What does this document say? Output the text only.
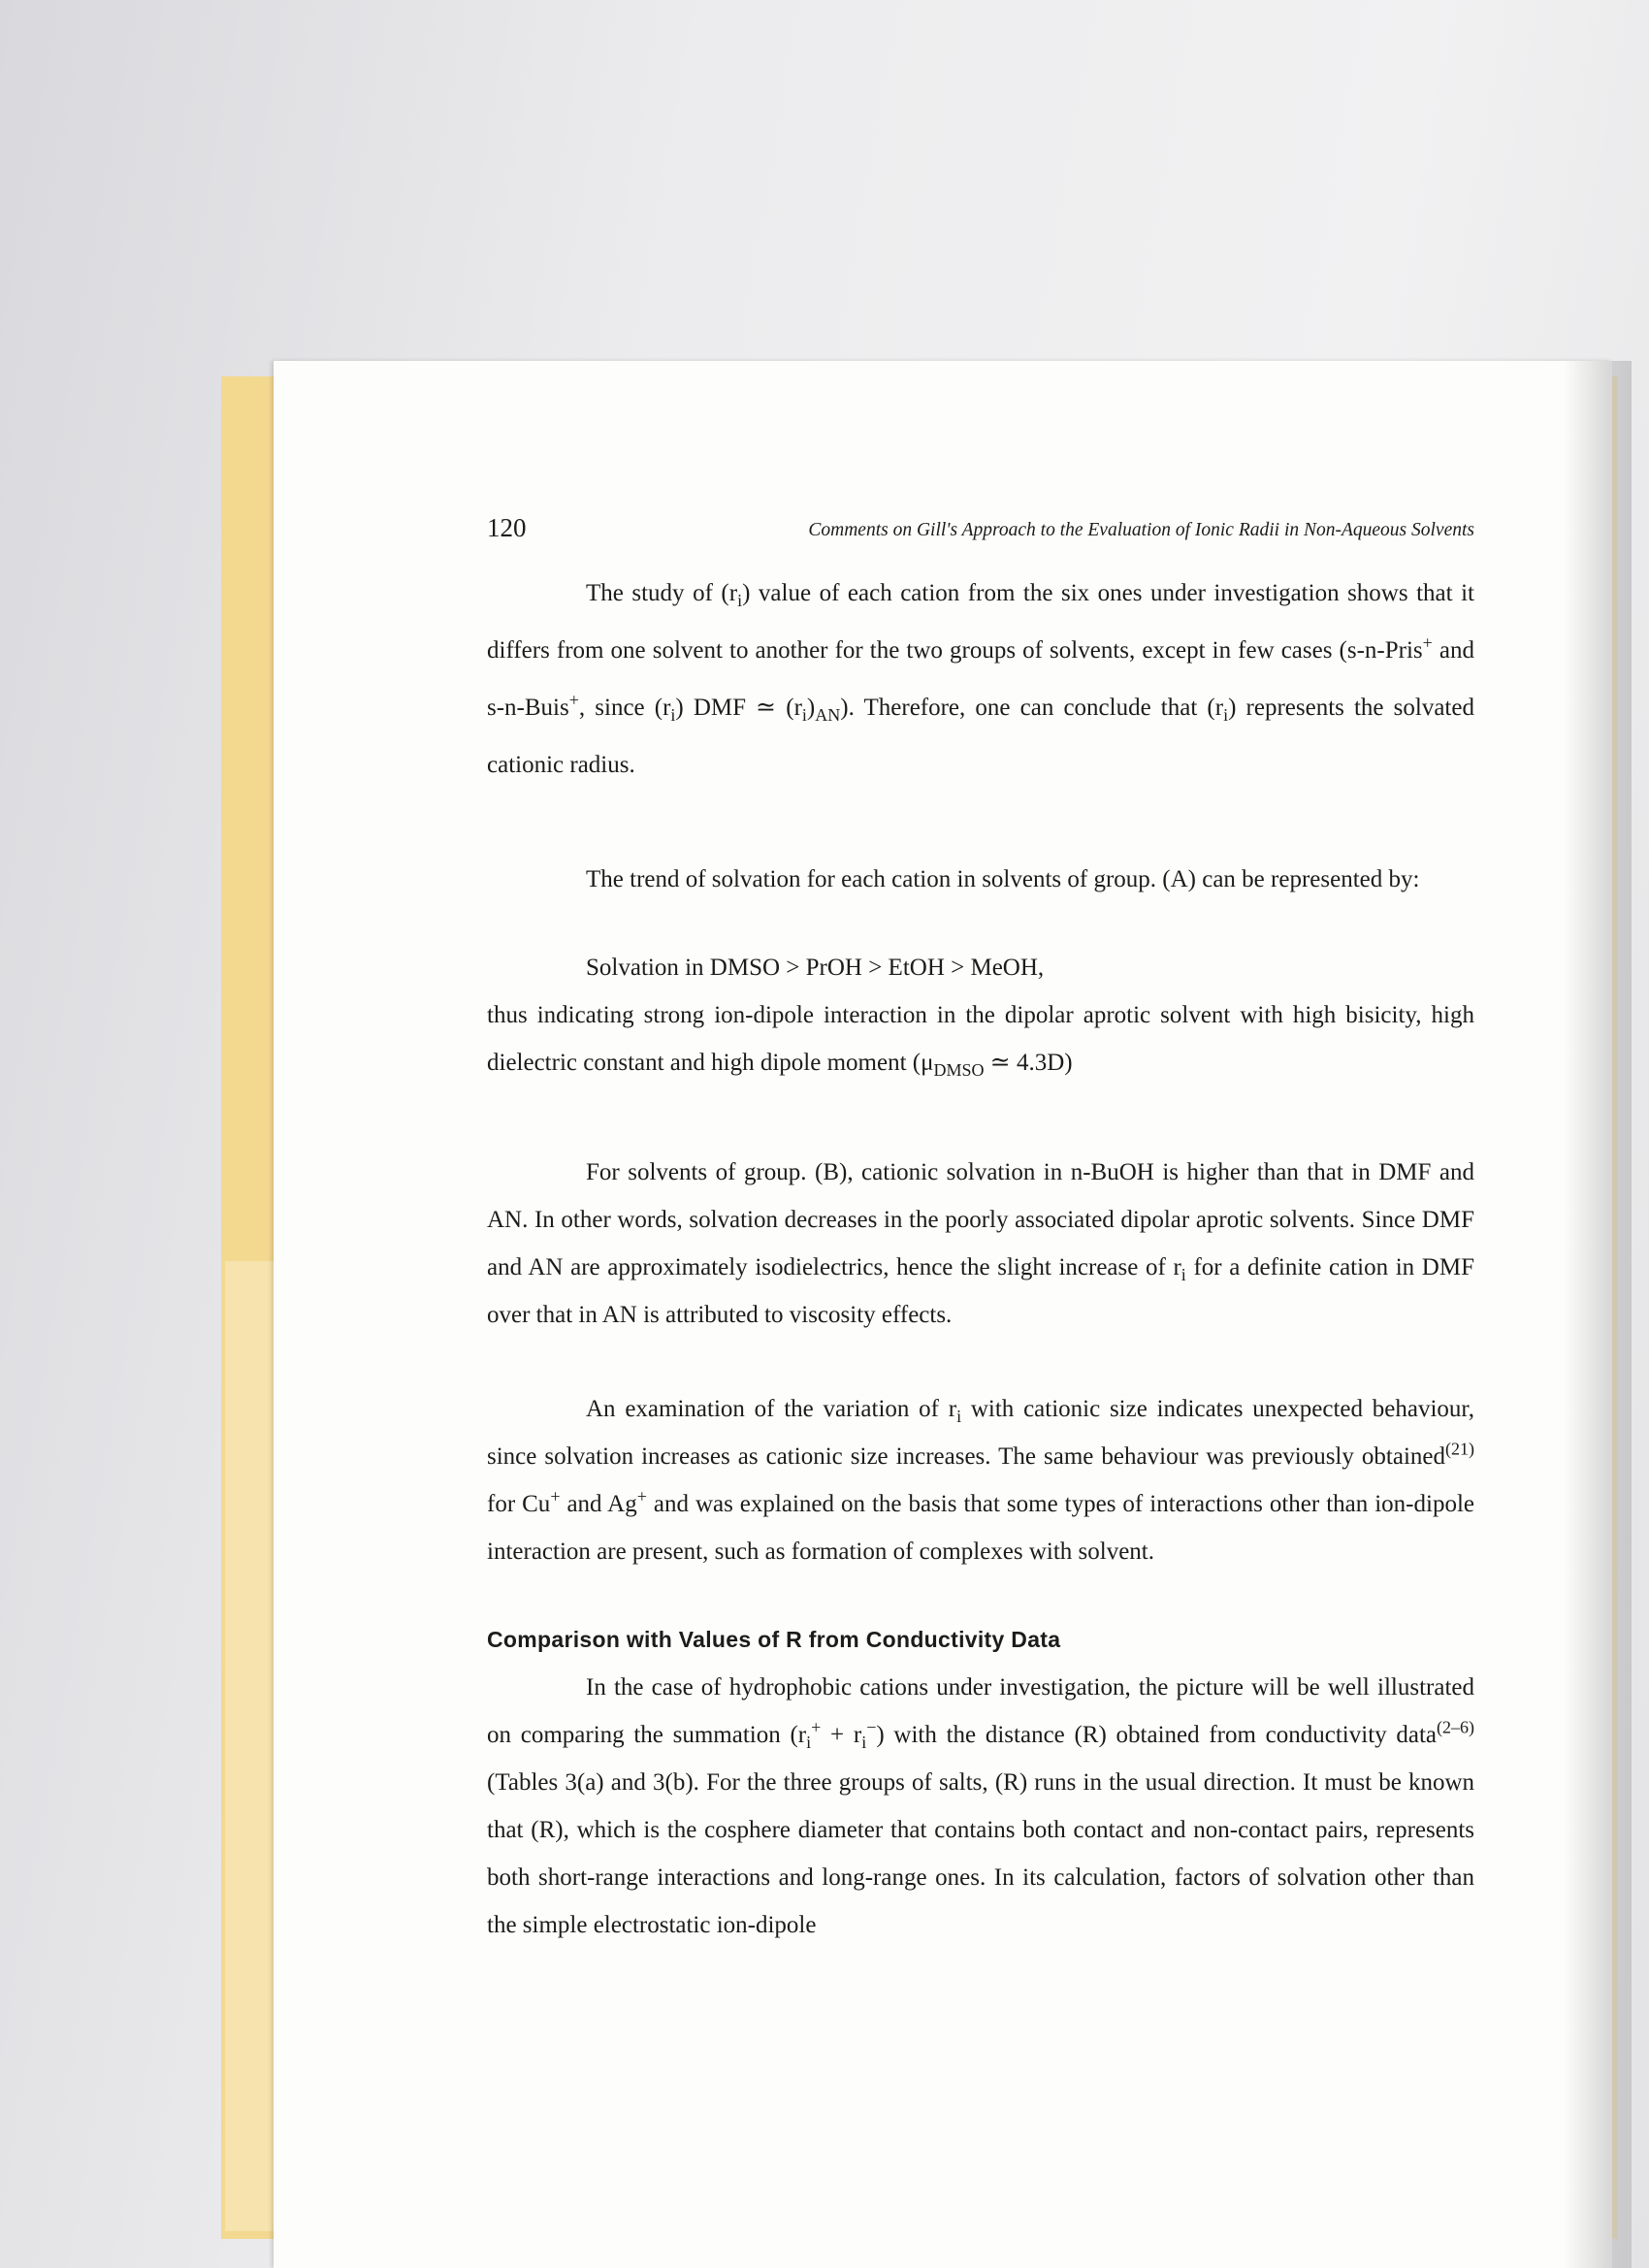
120	Comments on Gill's Approach to the Evaluation of Ionic Radii in Non-Aqueous Solvents

The study of $(r_i)$ value of each cation from the six ones under investigation shows that it differs from one solvent to another for the two groups of solvents, except in few cases (s-n-Pris+ and s-n-Buis+, since $(r_i)$ DMF ≃ $(r_i)_{AN}$). Therefore, one can conclude that $(r_i)$ represents the solvated cationic radius.

The trend of solvation for each cation in solvents of group. (A) can be represented by:

Solvation in DMSO > PrOH > EtOH > MeOH,

thus indicating strong ion-dipole interaction in the dipolar aprotic solvent with high bisicity, high dielectric constant and high dipole moment ($\mu_{DMSO}$ ≃ 4.3D)

For solvents of group. (B), cationic solvation in n-BuOH is higher than that in DMF and AN. In other words, solvation decreases in the poorly associated dipolar aprotic solvents. Since DMF and AN are approximately isodielectrics, hence the slight increase of $r_i$ for a definite cation in DMF over that in AN is attributed to viscosity effects.

An examination of the variation of $r_i$ with cationic size indicates unexpected behaviour, since solvation increases as cationic size increases. The same behaviour was previously obtained$^{(21)}$ for Cu+ and Ag+ and was explained on the basis that some types of interactions other than ion-dipole interaction are present, such as formation of complexes with solvent.

Comparison with Values of R from Conductivity Data

In the case of hydrophobic cations under investigation, the picture will be well illustrated on comparing the summation $(r_i^+ + r_i^-)$ with the distance (R) obtained from conductivity data$^{(2-6)}$ (Tables 3(a) and 3(b). For the three groups of salts, (R) runs in the usual direction. It must be known that (R), which is the cosphere diameter that contains both contact and non-contact pairs, represents both short-range interactions and long-range ones. In its calculation, factors of solvation other than the simple electrostatic ion-dipole
